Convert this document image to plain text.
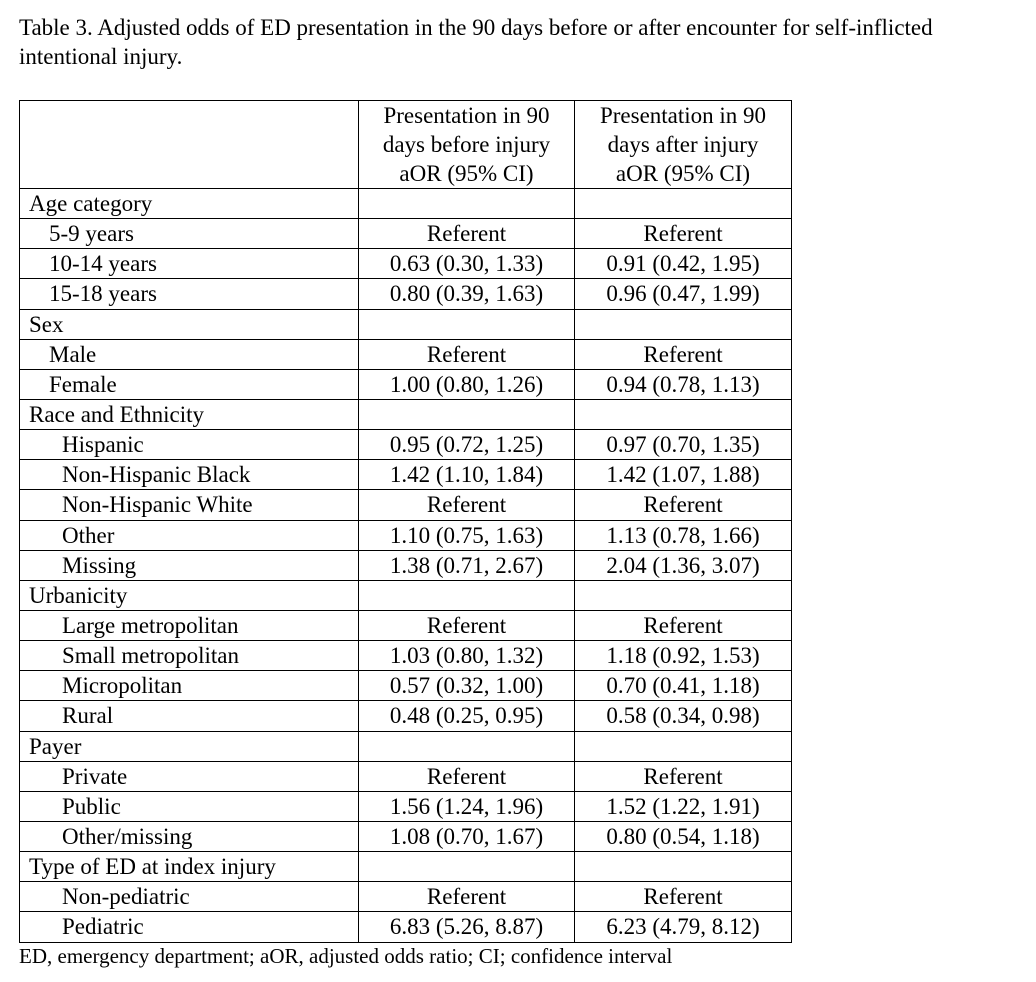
Table 3. Adjusted odds of ED presentation in the 90 days before or after encounter for self-inflicted
intentional injury.

	Presentation in 90
days before injury
aOR (95% CI)	Presentation in 90
days after injury
aOR (95% CI)

Age category		
5-9 years	Referent	Referent
10-14 years	0.63 (0.30, 1.33)	0.91 (0.42, 1.95)
15-18 years	0.80 (0.39, 1.63)	0.96 (0.47, 1.99)
Sex		
Male	Referent	Referent
Female	1.00 (0.80, 1.26)	0.94 (0.78, 1.13)
Race and Ethnicity		
Hispanic	0.95 (0.72, 1.25)	0.97 (0.70, 1.35)
Non-Hispanic Black	1.42 (1.10, 1.84)	1.42 (1.07, 1.88)
Non-Hispanic White	Referent	Referent
Other	1.10 (0.75, 1.63)	1.13 (0.78, 1.66)
Missing	1.38 (0.71, 2.67)	2.04 (1.36, 3.07)
Urbanicity		
Large metropolitan	Referent	Referent
Small metropolitan	1.03 (0.80, 1.32)	1.18 (0.92, 1.53)
Micropolitan	0.57 (0.32, 1.00)	0.70 (0.41, 1.18)
Rural	0.48 (0.25, 0.95)	0.58 (0.34, 0.98)
Payer		
Private	Referent	Referent
Public	1.56 (1.24, 1.96)	1.52 (1.22, 1.91)
Other/missing	1.08 (0.70, 1.67)	0.80 (0.54, 1.18)
Type of ED at index injury		
Non-pediatric	Referent	Referent
Pediatric	6.83 (5.26, 8.87)	6.23 (4.79, 8.12)
ED, emergency department; aOR, adjusted odds ratio; CI; confidence interval
